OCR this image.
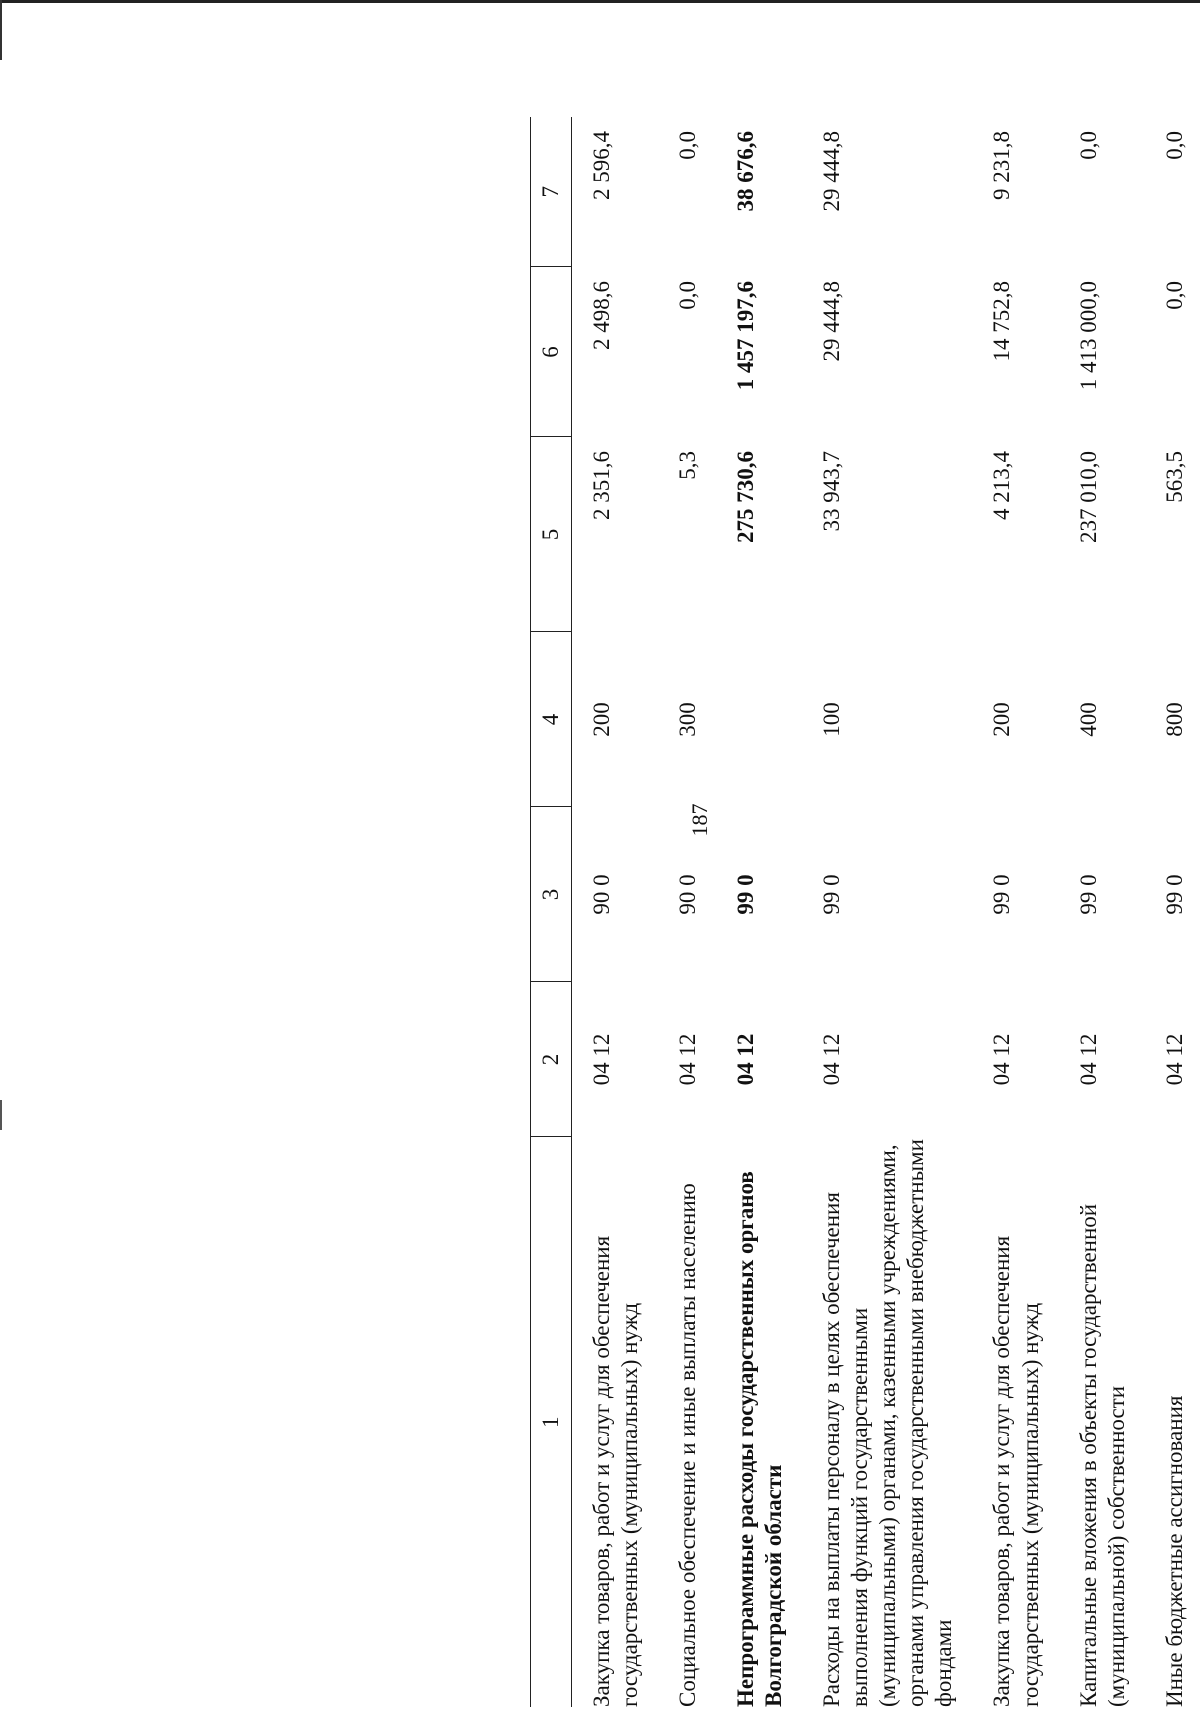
187
1	2	3	4	5	6	7
Закупка товаров, работ и услуг для обеспечения государственных (муниципальных) нужд	04 12	90 0	200	2 351,6	2 498,6	2 596,4
Социальное обеспечение и иные выплаты населению	04 12	90 0	300	5,3	0,0	0,0
Непрограммные расходы государственных органов Волгоградской области	04 12	99 0		275 730,6	1 457 197,6	38 676,6
Расходы на выплаты персоналу в целях обеспечения выполнения функций государственными (муниципальными) органами, казенными учреждениями, органами управления государственными внебюджетными фондами	04 12	99 0	100	33 943,7	29 444,8	29 444,8
Закупка товаров, работ и услуг для обеспечения государственных (муниципальных) нужд	04 12	99 0	200	4 213,4	14 752,8	9 231,8
Капитальные вложения в объекты государственной (муниципальной) собственности	04 12	99 0	400	237 010,0	1 413 000,0	0,0
Иные бюджетные ассигнования	04 12	99 0	800	563,5	0,0	0,0
